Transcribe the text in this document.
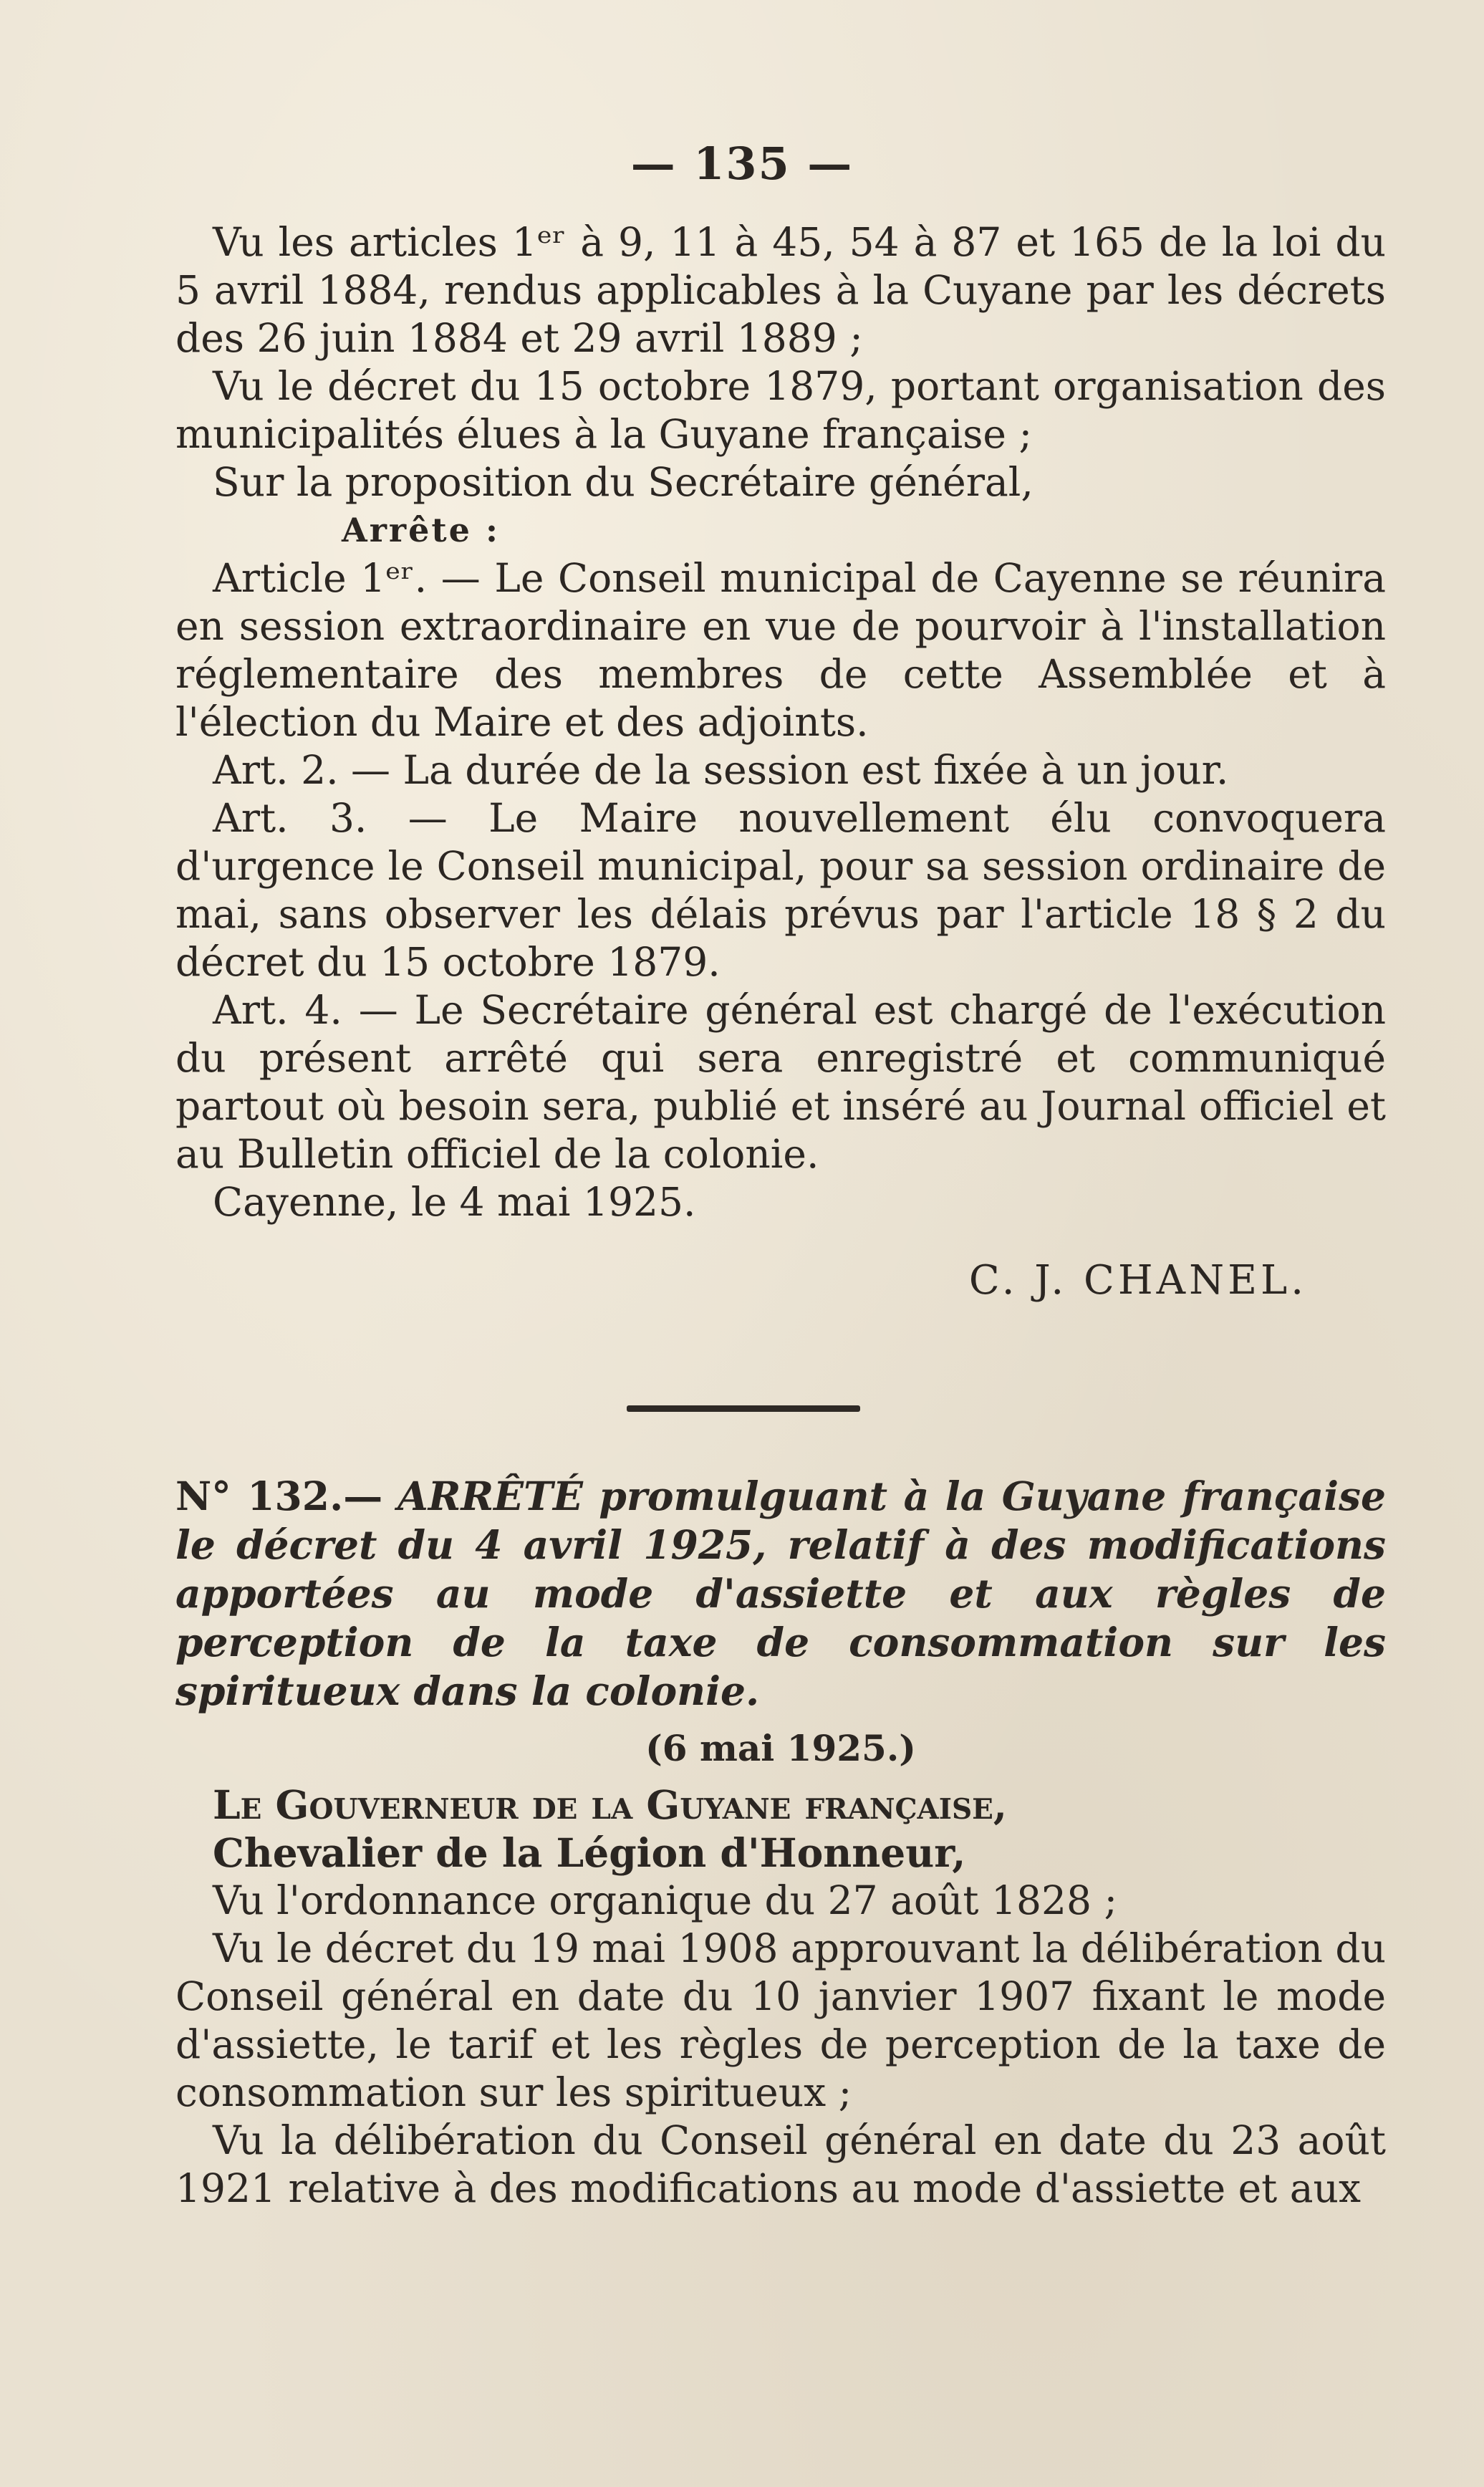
— 135 —

Vu les articles 1ᵉʳ à 9, 11 à 45, 54 à 87 et 165 de la loi du 5 avril 1884, rendus applicables à la Cuyane par les décrets des 26 juin 1884 et 29 avril 1889 ;

Vu le décret du 15 octobre 1879, portant organisation des municipalités élues à la Guyane française ;

Sur la proposition du Secrétaire général,

Arrête :

Article 1ᵉʳ. — Le Conseil municipal de Cayenne se réunira en session extraordinaire en vue de pourvoir à l'installation réglementaire des membres de cette Assemblée et à l'élection du Maire et des adjoints.

Art. 2. — La durée de la session est fixée à un jour.

Art. 3. — Le Maire nouvellement élu convoquera d'urgence le Conseil municipal, pour sa session ordinaire de mai, sans observer les délais prévus par l'article 18 § 2 du décret du 15 octobre 1879.

Art. 4. — Le Secrétaire général est chargé de l'exécution du présent arrêté qui sera enregistré et communiqué partout où besoin sera, publié et inséré au Journal officiel et au Bulletin officiel de la colonie.

Cayenne, le 4 mai 1925.

C. J. CHANEL.

N° 132.— ARRÊTÉ promulguant à la Guyane française le décret du 4 avril 1925, relatif à des modifications apportées au mode d'assiette et aux règles de perception de la taxe de consommation sur les spiritueux dans la colonie.

(6 mai 1925.)

Le Gouverneur de la Guyane française,

Chevalier de la Légion d'Honneur,

Vu l'ordonnance organique du 27 août 1828 ;

Vu le décret du 19 mai 1908 approuvant la délibération du Conseil général en date du 10 janvier 1907 fixant le mode d'assiette, le tarif et les règles de perception de la taxe de consommation sur les spiritueux ;

Vu la délibération du Conseil général en date du 23 août 1921 relative à des modifications au mode d'assiette et aux
